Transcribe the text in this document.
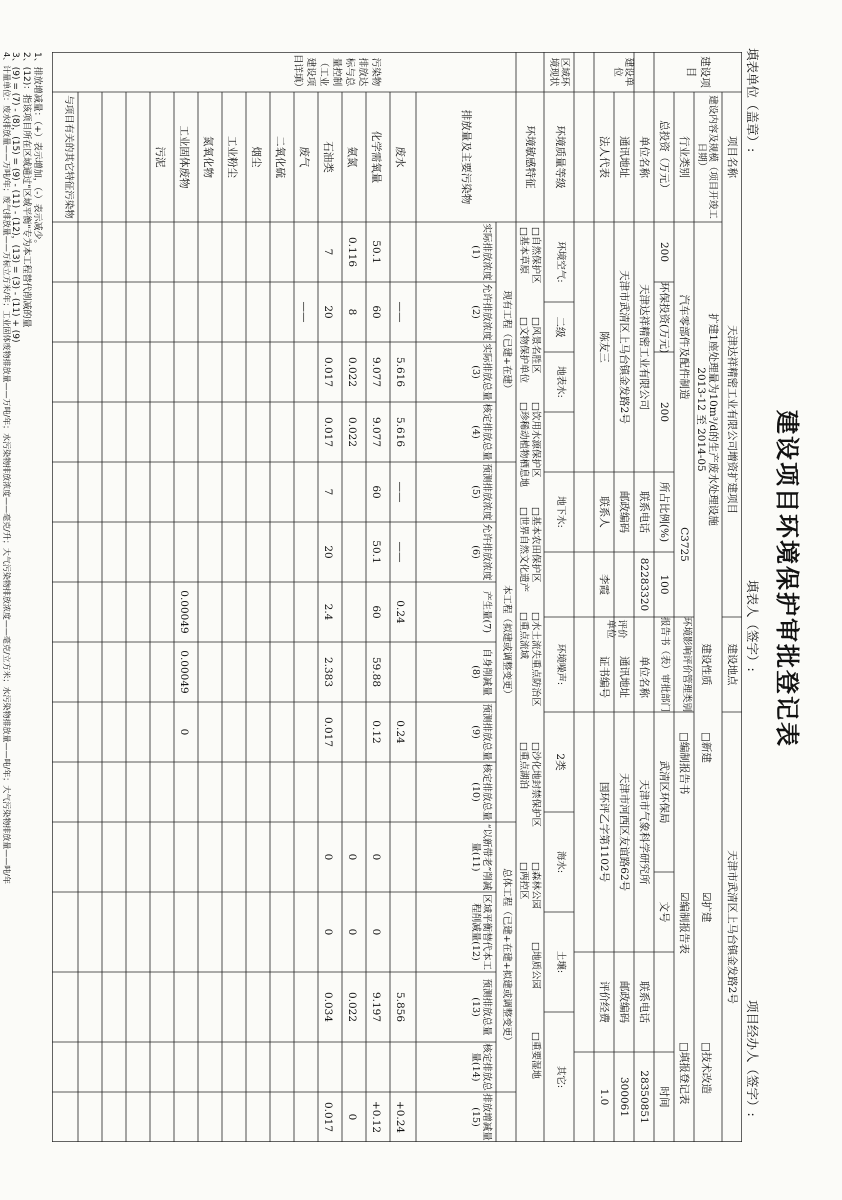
建设项目环境保护审批登记表
填表单位（盖章）:
填表人（签字）:
项目经办人（签字）:
建设项目
建设单位
区域环境现状
污染物排放达标与总量控制（工业建设项目详填）
项目名称
天津达祥精密工业有限公司增资扩建项目
建设地点
天津市武清区上马台镇金发路2号
建设内容及规模（项目开竣工日期）
扩建1座处理量为10m³/d的生产废水处理设施
2013-12 至 2014-05
建设性质
□新建
☑扩建
□技术改造
行业类别
汽车零部件及配件制造
C3725
环境影响评价管理类别
□编制报告书
☑编制报告表
□填报登记表
总投资（万元）
200
环保投资(万元)
200
所占比例(%)
100
报告书（表）审批部门
武清区环保局
文号
时间
单位名称
天津达祥精密工业有限公司
联系电话
82283320
通讯地址
天津市武清区上马台镇金发路2号
邮政编码
法人代表
陈友三
联系人
李霞
评价单位
单位名称
天津市气象科学研究所
联系电话
28350851
通讯地址
天津市河西区友谊路62号
邮政编码
300061
证书编号
国环评乙字第1102号
评价经费
1.0
环境质量等级
环境空气:
二级
地表水:
地下水:
环境噪声:
2类
海水:
土壤:
其它:
环境敏感特征
□自然保护区
□风景名胜区
□饮用水源保护区
□基本农田保护区
□水土流失重点防治区
□沙化地封禁保护区
□森林公园
□地质公园
□重要湿地
□基本草原
□文物保护单位
□珍稀动植物栖息地
□世界自然文化遗产
□重点流域
□重点湖泊
□两控区
排放量及主要污染物
现有工程（已建+在建）
本工程（拟建或调整变更）
总体工程（已建+在建+拟建或调整变更）
实际排放浓度(1)
允许排放浓度(2)
实际排放总量(3)
核定排放总量(4)
预测排放浓度(5)
允许排放浓度(6)
产生量(7)
自身削减量(8)
预测排放总量(9)
核定排放总量(10)
“以新带老”削减量(11)
区域平衡替代本工程削减量(12)
预测排放总量(13)
核定排放总量(14)
排放增减量(15)
废水
——
5.616
5.616
——
——
0.24
0.24
5.856
+0.24
化学需氧量
50.1
60
9.077
9.077
60
50.1
60
59.88
0.12
0
0
9.197
+0.12
氨氮
0.116
8
0.022
0.022
0
0
0.022
0
石油类
7
20
0.017
0.017
7
20
2.4
2.383
0.017
0
0
0.034
0.017
废气
——
二氧化硫
烟尘
工业粉尘
氮氧化物
工业固体废物
0.00049
0.00049
0
污泥
与项目有关的其它特征污染物
1、排放增减量：（+）表示增加，（-）表示减少。
2、(12)：指该项目所在区域通过"区域平衡"专为本工程替代削减的量
3、(9) = (7) - (8)，(15) = (9) - (11) - (12)，(13) = (3) - (11) + (9)
4、计量单位：废水排放量——万吨/年；废气排放量——万标立方米/年；工业固体废物排放量——万吨/年；水污染物排放浓度——毫克/升；大气污染物排放浓度——毫克/立方米；水污染物排放量——吨/年；大气污染物排放量——吨/年
